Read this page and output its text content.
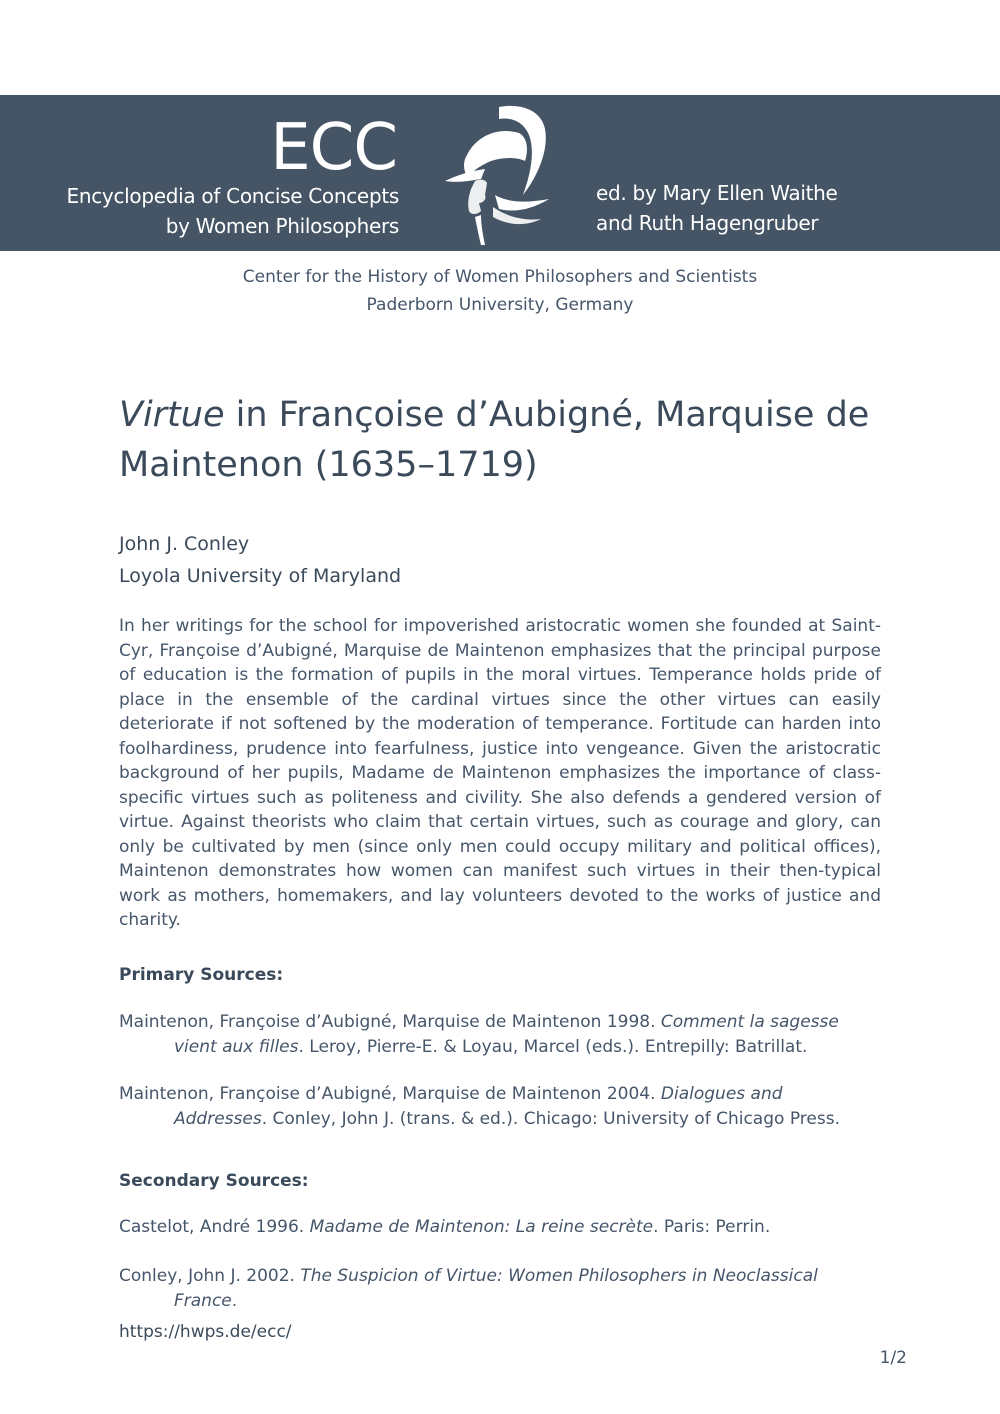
ECC
Encyclopedia of Concise Concepts
by Women Philosophers
ed. by Mary Ellen Waithe
and Ruth Hagengruber
Center for the History of Women Philosophers and Scientists
Paderborn University, Germany
Virtue in Françoise d’Aubigné, Marquise de Maintenon (1635–1719)
John J. Conley
Loyola University of Maryland

In her writings for the school for impoverished aristocratic women she founded at Saint-Cyr, Françoise d’Aubigné, Marquise de Maintenon emphasizes that the principal purpose of education is the formation of pupils in the moral virtues. Temperance holds pride of place in the ensemble of the cardinal virtues since the other virtues can easily deteriorate if not softened by the moderation of temperance. Fortitude can harden into foolhardiness, prudence into fearfulness, justice into vengeance. Given the aristocratic background of her pupils, Madame de Maintenon emphasizes the importance of class-specific virtues such as politeness and civility. She also defends a gendered version of virtue. Against theorists who claim that certain virtues, such as courage and glory, can only be cultivated by men (since only men could occupy military and political offices), Maintenon demonstrates how women can manifest such virtues in their then-typical work as mothers, homemakers, and lay volunteers devoted to the works of justice and charity.

Primary Sources:

Maintenon, Françoise d’Aubigné, Marquise de Maintenon 1998. Comment la sagesse vient aux filles. Leroy, Pierre-E. & Loyau, Marcel (eds.). Entrepilly: Batrillat.

Maintenon, Françoise d’Aubigné, Marquise de Maintenon 2004. Dialogues and Addresses. Conley, John J. (trans. & ed.). Chicago: University of Chicago Press.

Secondary Sources:

Castelot, André 1996. Madame de Maintenon: La reine secrète. Paris: Perrin.

Conley, John J. 2002. The Suspicion of Virtue: Women Philosophers in Neoclassical France.

https://hwps.de/ecc/
1/2
